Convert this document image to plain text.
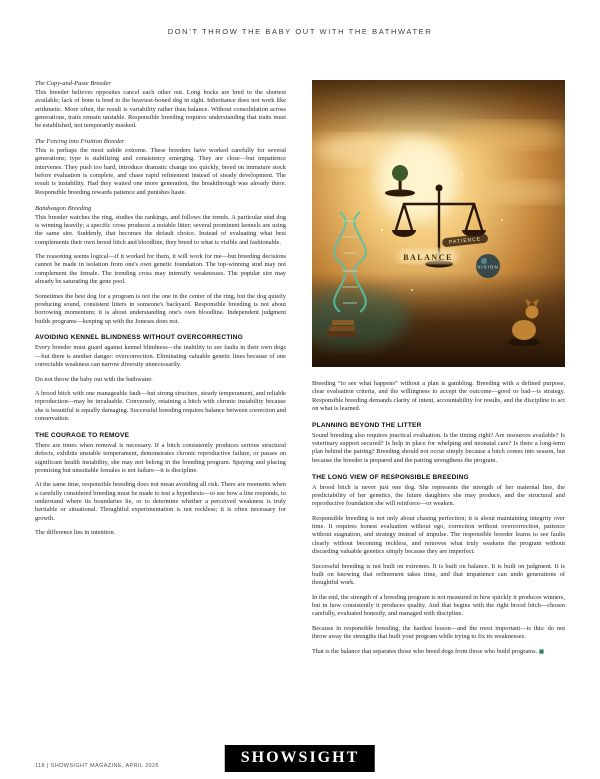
DON’T THROW THE BABY OUT WITH THE BATHWATER
The Copy-and-Paste Breeder

This breeder believes opposites cancel each other out. Long hocks are bred to the shortest available; lack of bone is bred to the heaviest-boned dog in sight. Inheritance does not work like arithmetic. More often, the result is variability rather than balance. Without consolidation across generations, traits remain unstable. Responsible breeding requires understanding that traits must be established, not temporarily masked.

The Forcing into Fruition Breeder

This is perhaps the most subtle extreme. These breeders have worked carefully for several generations; type is stabilizing and consistency emerging. They are close—but impatience intervenes. They push too hard, introduce dramatic change too quickly, breed on immature stock before evaluation is complete, and chase rapid refinement instead of steady development. The result is instability. Had they waited one more generation, the breakthrough was already there. Responsible breeding rewards patience and punishes haste.

Bandwagon Breeding

This breeder watches the ring, studies the rankings, and follows the trends. A particular stud dog is winning heavily; a specific cross produces a notable litter; several prominent kennels are using the same sire. Suddenly, that becomes the default choice. Instead of evaluating what best complements their own brood bitch and bloodline, they breed to what is visible and fashionable.

The reasoning seems logical—if it worked for them, it will work for me—but breeding decisions cannot be made in isolation from one's own genetic foundation. The top-winning stud may not complement the female. The trending cross may intensify weaknesses. The popular sire may already be saturating the gene pool.

Sometimes the best dog for a program is not the one in the center of the ring, but the dog quietly producing sound, consistent litters in someone's backyard. Responsible breeding is not about borrowing momentum; it is about understanding one's own bloodline. Independent judgment builds programs—keeping up with the Joneses does not.

AVOIDING KENNEL BLINDNESS WITHOUT OVERCORRECTING

Every breeder must guard against kennel blindness—the inability to see faults in their own dogs—but there is another danger: overcorrection. Eliminating valuable genetic lines because of one correctable weakness can narrow diversity unnecessarily.

Do not throw the baby out with the bathwater.

A brood bitch with one manageable fault—but strong structure, steady temperament, and reliable reproduction—may be invaluable. Conversely, retaining a bitch with chronic instability because she is beautiful is equally damaging. Successful breeding requires balance between correction and conservation.

THE COURAGE TO REMOVE

There are times when removal is necessary. If a bitch consistently produces serious structural defects, exhibits unstable temperament, demonstrates chronic reproductive failure, or passes on significant health instability, she may not belong in the breeding program. Spaying and placing promising but unsuitable females is not failure—it is discipline.

At the same time, responsible breeding does not mean avoiding all risk. There are moments when a carefully considered breeding must be made to test a hypothesis—to see how a line responds, to understand where its boundaries lie, or to determine whether a perceived weakness is truly heritable or situational. Thoughtful experimentation is not reckless; it is often necessary for growth.

The difference lies in intention.

PATIENCE
BALANCE
VISION

Breeding “to see what happens” without a plan is gambling. Breeding with a defined purpose, clear evaluation criteria, and the willingness to accept the outcome—good or bad—is strategy. Responsible breeding demands clarity of intent, accountability for results, and the discipline to act on what is learned.

PLANNING BEYOND THE LITTER

Sound breeding also requires practical evaluation. Is the timing right? Are resources available? Is veterinary support secured? Is help in place for whelping and neonatal care? Is there a long-term plan behind the pairing? Breeding should not occur simply because a bitch comes into season, but because the breeder is prepared and the pairing strengthens the program.

THE LONG VIEW OF RESPONSIBLE BREEDING

A brood bitch is never just one dog. She represents the strength of her maternal line, the predictability of her genetics, the future daughters she may produce, and the structural and reproductive foundation she will reinforce—or weaken.

Responsible breeding is not only about chasing perfection; it is about maintaining integrity over time. It requires honest evaluation without ego, correction without overcorrection, patience without stagnation, and strategy instead of impulse. The responsible breeder learns to see faults clearly without becoming reckless, and removes what truly weakens the program without discarding valuable genetics simply because they are imperfect.

Successful breeding is not built on extremes. It is built on balance. It is built on judgment. It is built on knowing that refinement takes time, and that impatience can undo generations of thoughtful work.

In the end, the strength of a breeding program is not measured in how quickly it produces winners, but in how consistently it produces quality. And that begins with the right brood bitch—chosen carefully, evaluated honestly, and managed with discipline.

Because in responsible breeding, the hardest lesson—and the most important—is this: do not throw away the strengths that built your program while trying to fix its weaknesses.

That is the balance that separates those who breed dogs from those who build programs. ■

118 | SHOWSIGHT MAGAZINE, APRIL 2026	SHOWSIGHT
